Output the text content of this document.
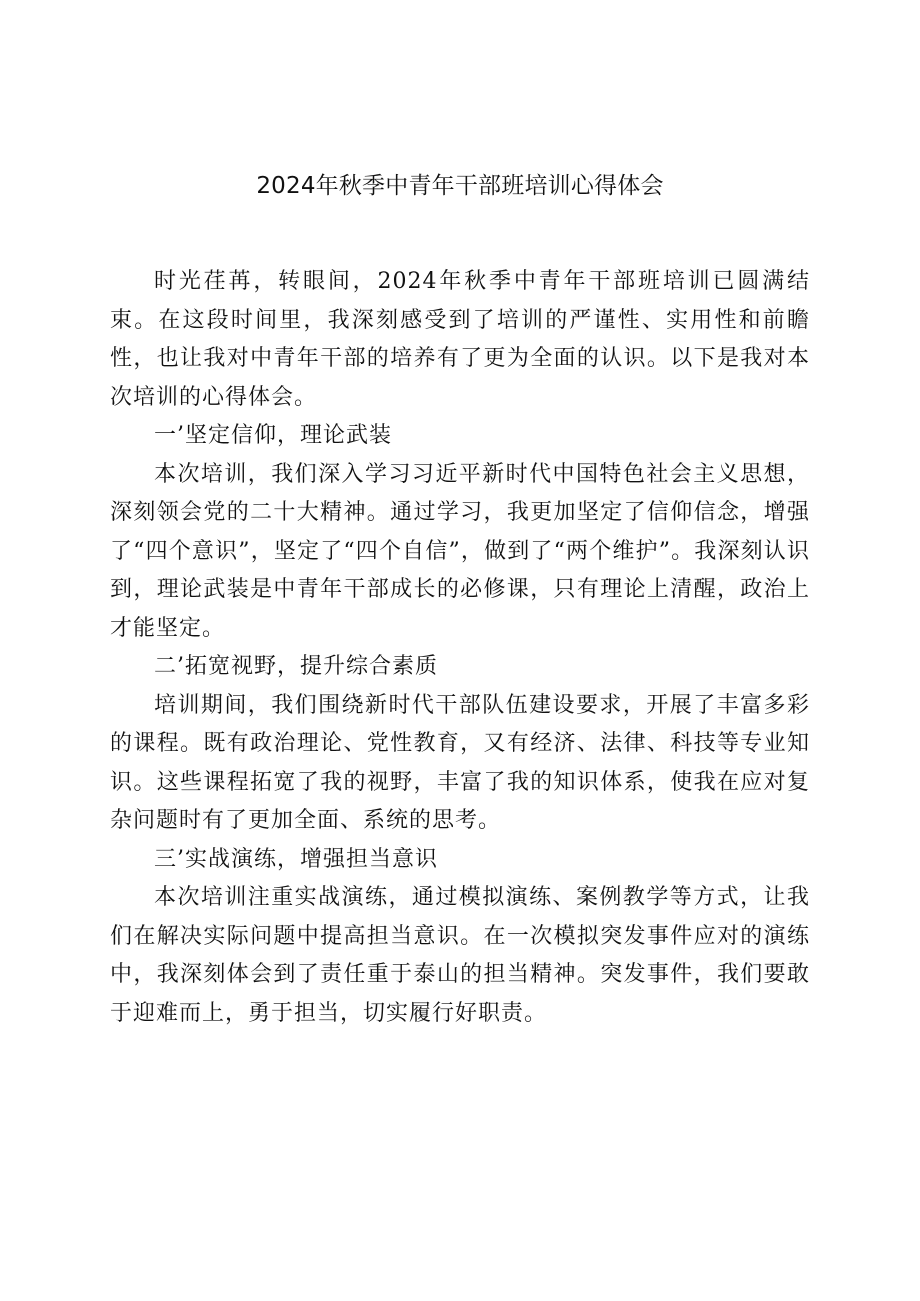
2024年秋季中青年干部班培训心得体会

时光荏苒，转眼间，2024年秋季中青年干部班培训已圆满结束。在这段时间里，我深刻感受到了培训的严谨性、实用性和前瞻性，也让我对中青年干部的培养有了更为全面的认识。以下是我对本次培训的心得体会。

一’坚定信仰，理论武装

本次培训，我们深入学习习近平新时代中国特色社会主义思想，深刻领会党的二十大精神。通过学习，我更加坚定了信仰信念，增强了“四个意识”，坚定了“四个自信”，做到了“两个维护”。我深刻认识到，理论武装是中青年干部成长的必修课，只有理论上清醒，政治上才能坚定。

二’拓宽视野，提升综合素质

培训期间，我们围绕新时代干部队伍建设要求，开展了丰富多彩的课程。既有政治理论、党性教育，又有经济、法律、科技等专业知识。这些课程拓宽了我的视野，丰富了我的知识体系，使我在应对复杂问题时有了更加全面、系统的思考。

三’实战演练，增强担当意识

本次培训注重实战演练，通过模拟演练、案例教学等方式，让我们在解决实际问题中提高担当意识。在一次模拟突发事件应对的演练中，我深刻体会到了责任重于泰山的担当精神。突发事件，我们要敢于迎难而上，勇于担当，切实履行好职责。
